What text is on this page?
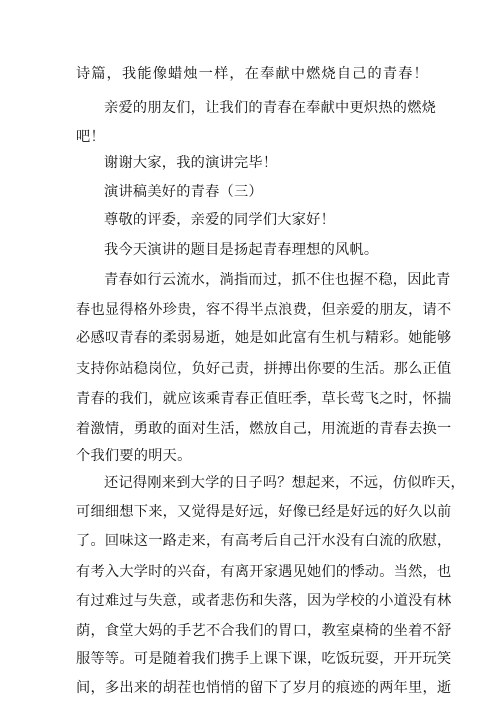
诗篇，我能像蜡烛一样，在奉献中燃烧自己的青春！
亲爱的朋友们，让我们的青春在奉献中更炽热的燃烧
吧！
谢谢大家，我的演讲完毕！
演讲稿美好的青春（三）
尊敬的评委，亲爱的同学们大家好！
我今天演讲的题目是扬起青春理想的风帆。
青春如行云流水，淌指而过，抓不住也握不稳，因此青
春也显得格外珍贵，容不得半点浪费，但亲爱的朋友，请不
必感叹青春的柔弱易逝，她是如此富有生机与精彩。她能够
支持你站稳岗位，负好己责，拼搏出你要的生活。那么正值
青春的我们，就应该乘青春正值旺季，草长莺飞之时，怀揣
着激情，勇敢的面对生活，燃放自己，用流逝的青春去换一
个我们要的明天。
还记得刚来到大学的日子吗？想起来，不远，仿似昨天，
可细细想下来，又觉得是好远，好像已经是好远的好久以前
了。回味这一路走来，有高考后自己汗水没有白流的欣慰，
有考入大学时的兴奋，有离开家遇见她们的悸动。当然，也
有过难过与失意，或者悲伤和失落，因为学校的小道没有林
荫，食堂大妈的手艺不合我们的胃口，教室桌椅的坐着不舒
服等等。可是随着我们携手上课下课，吃饭玩耍，开开玩笑
间，多出来的胡茬也悄悄的留下了岁月的痕迹的两年里，逝
